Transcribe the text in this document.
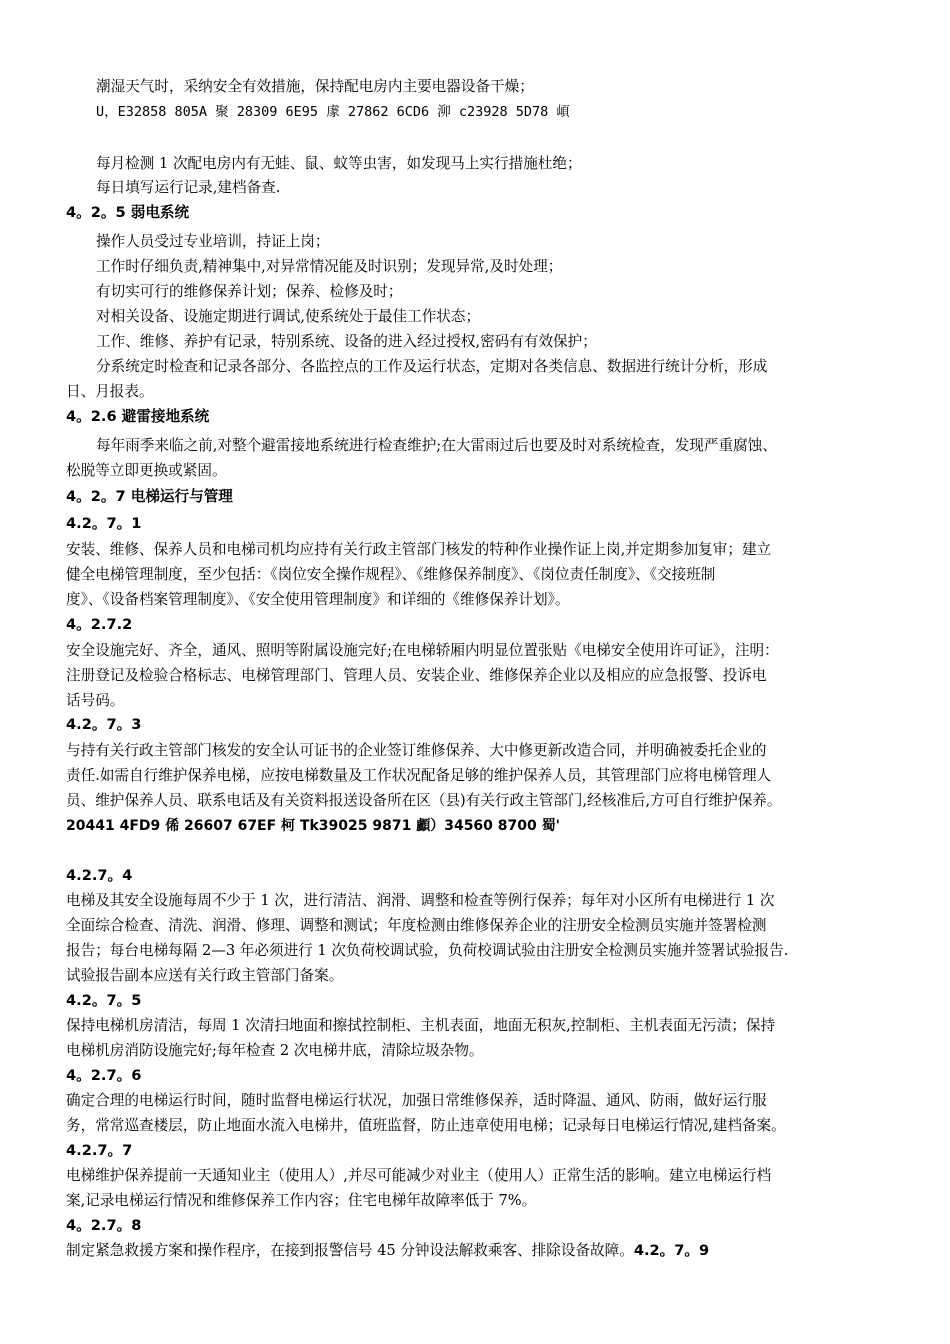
潮湿天气时，采纳安全有效措施，保持配电房内主要电器设备干燥；
U，E32858 805A 聚 28309 6E95 豦 27862 6CD6 泖 c23928 5D78 崸
每月检测 1 次配电房内有无蛙、鼠、蚊等虫害，如发现马上实行措施杜绝；
每日填写运行记录,建档备查.
4。2。5 弱电系统
操作人员受过专业培训，持证上岗；
工作时仔细负责,精神集中,对异常情况能及时识别；发现异常,及时处理；
有切实可行的维修保养计划；保养、检修及时；
对相关设备、设施定期进行调试,使系统处于最佳工作状态；
工作、维修、养护有记录，特别系统、设备的进入经过授权,密码有有效保护；
分系统定时检查和记录各部分、各监控点的工作及运行状态，定期对各类信息、数据进行统计分析，形成
日、月报表。
4。2.6 避雷接地系统
每年雨季来临之前,对整个避雷接地系统进行检查维护;在大雷雨过后也要及时对系统检查，发现严重腐蚀、
松脱等立即更换或紧固。
4。2。7 电梯运行与管理
4.2。7。1
安装、维修、保养人员和电梯司机均应持有关行政主管部门核发的特种作业操作证上岗,并定期参加复审；建立
健全电梯管理制度，至少包括：《岗位安全操作规程》、《维修保养制度》、《岗位责任制度》、《交接班制
度》、《设备档案管理制度》、《安全使用管理制度》和详细的《维修保养计划》。
4。2.7.2
安全设施完好、齐全，通风、照明等附属设施完好;在电梯轿厢内明显位置张贴《电梯安全使用许可证》，注明：
注册登记及检验合格标志、电梯管理部门、管理人员、安装企业、维修保养企业以及相应的应急报警、投诉电
话号码。
4.2。7。3
与持有关行政主管部门核发的安全认可证书的企业签订维修保养、大中修更新改造合同，并明确被委托企业的
责任.如需自行维护保养电梯，应按电梯数量及工作状况配备足够的维护保养人员，其管理部门应将电梯管理人
员、维护保养人员、联系电话及有关资料报送设备所在区（县)有关行政主管部门,经核准后,方可自行维护保养。
20441 4FD9 俙 26607 67EF 柯 Tk39025 9871 顱）34560 8700 蜀'
4.2.7。4
电梯及其安全设施每周不少于 1 次，进行清洁、润滑、调整和检查等例行保养；每年对小区所有电梯进行 1 次
全面综合检查、清洗、润滑、修理、调整和测试；年度检测由维修保养企业的注册安全检测员实施并签署检测
报告；每台电梯每隔 2—3 年必须进行 1 次负荷校调试验，负荷校调试验由注册安全检测员实施并签署试验报告.
试验报告副本应送有关行政主管部门备案。
4.2。7。5
保持电梯机房清洁，每周 1 次清扫地面和擦拭控制柜、主机表面，地面无积灰,控制柜、主机表面无污渍；保持
电梯机房消防设施完好;每年检查 2 次电梯井底，清除垃圾杂物。
4。2.7。6
确定合理的电梯运行时间，随时监督电梯运行状况，加强日常维修保养，适时降温、通风、防雨，做好运行服
务，常常巡查楼层，防止地面水流入电梯井，值班监督，防止违章使用电梯；记录每日电梯运行情况,建档备案。
4.2.7。7
电梯维护保养提前一天通知业主（使用人）,并尽可能减少对业主（使用人）正常生活的影响。建立电梯运行档
案,记录电梯运行情况和维修保养工作内容；住宅电梯年故障率低于 7%。
4。2.7。8
制定紧急救援方案和操作程序，在接到报警信号 45 分钟设法解救乘客、排除设备故障。4.2。7。9
